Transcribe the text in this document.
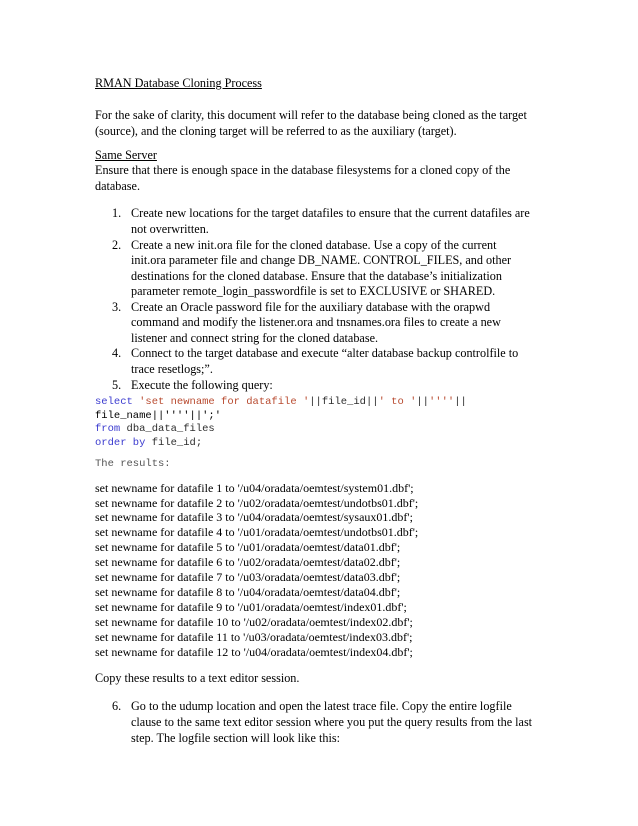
RMAN Database Cloning Process
For the sake of clarity, this document will refer to the database being cloned as the target
(source), and the cloning target will be referred to as the auxiliary (target).
Same Server
Ensure that there is enough space in the database filesystems for a cloned copy of the
database.
1. Create new locations for the target datafiles to ensure that the current datafiles are
not overwritten.
2. Create a new init.ora file for the cloned database. Use a copy of the current
init.ora parameter file and change DB_NAME. CONTROL_FILES, and other
destinations for the cloned database. Ensure that the database’s initialization
parameter remote_login_passwordfile is set to EXCLUSIVE or SHARED.
3. Create an Oracle password file for the auxiliary database with the orapwd
command and modify the listener.ora and tnsnames.ora files to create a new
listener and connect string for the cloned database.
4. Connect to the target database and execute “alter database backup controlfile to
trace resetlogs;”.
5. Execute the following query:
select 'set newname for datafile '||file_id||' to '||''''||
file_name||''''||';'
from dba_data_files
order by file_id;
The results:
set newname for datafile 1 to '/u04/oradata/oemtest/system01.dbf';
set newname for datafile 2 to '/u02/oradata/oemtest/undotbs01.dbf';
set newname for datafile 3 to '/u04/oradata/oemtest/sysaux01.dbf';
set newname for datafile 4 to '/u01/oradata/oemtest/undotbs01.dbf';
set newname for datafile 5 to '/u01/oradata/oemtest/data01.dbf';
set newname for datafile 6 to '/u02/oradata/oemtest/data02.dbf';
set newname for datafile 7 to '/u03/oradata/oemtest/data03.dbf';
set newname for datafile 8 to '/u04/oradata/oemtest/data04.dbf';
set newname for datafile 9 to '/u01/oradata/oemtest/index01.dbf';
set newname for datafile 10 to '/u02/oradata/oemtest/index02.dbf';
set newname for datafile 11 to '/u03/oradata/oemtest/index03.dbf';
set newname for datafile 12 to '/u04/oradata/oemtest/index04.dbf';
Copy these results to a text editor session.
6. Go to the udump location and open the latest trace file. Copy the entire logfile
clause to the same text editor session where you put the query results from the last
step. The logfile section will look like this:
